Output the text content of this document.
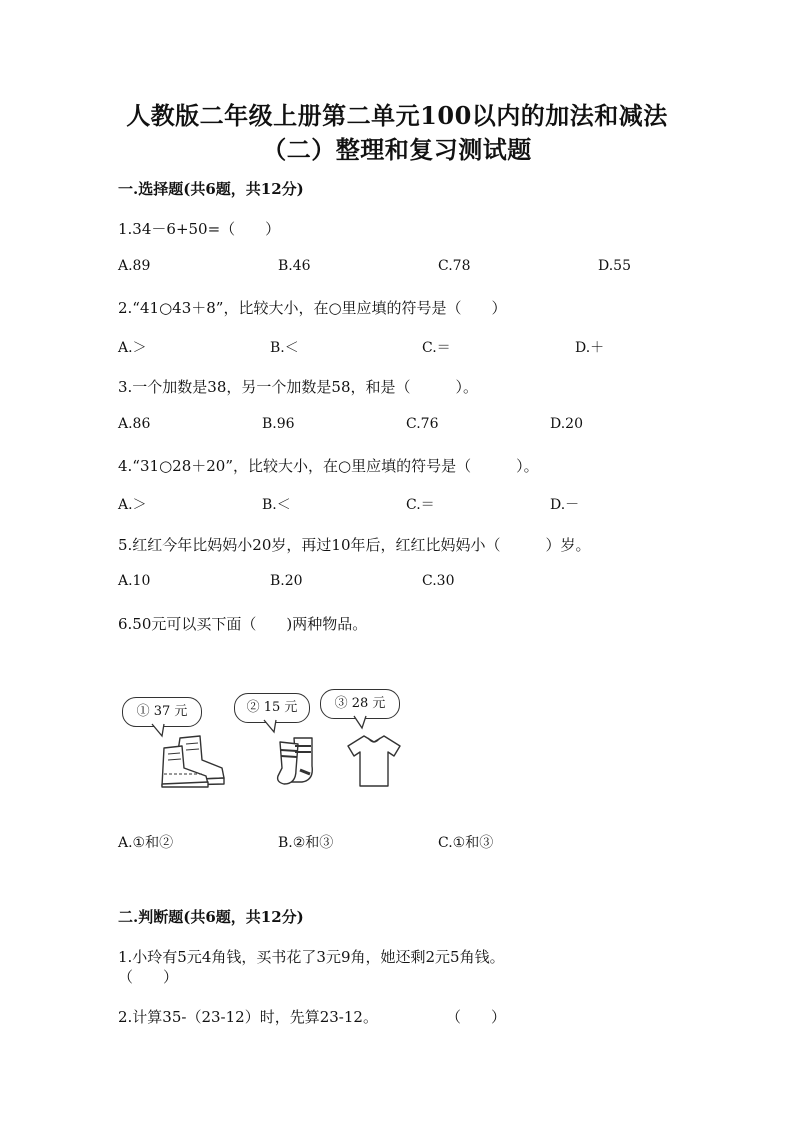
人教版二年级上册第二单元100以内的加法和减法
（二）整理和复习测试题
一.选择题(共6题，共12分)
1.34－6+50=（　　）
A.89	B.46	C.78	D.55
2.“41○43＋8”，比较大小，在○里应填的符号是（　　）
A.＞	B.＜	C.＝	D.＋
3.一个加数是38，另一个加数是58，和是（　　　）。
A.86	B.96	C.76	D.20
4.“31○28＋20”，比较大小，在○里应填的符号是（　　　）。
A.＞	B.＜	C.＝	D.－
5.红红今年比妈妈小20岁，再过10年后，红红比妈妈小（　　　）岁。
A.10	B.20	C.30
6.50元可以买下面（　　)两种物品。
① 37 元	② 15 元	③ 28 元
A.①和②	B.②和③	C.①和③
二.判断题(共6题，共12分)
1.小玲有5元4角钱，买书花了3元9角，她还剩2元5角钱。
（　　）
2.计算35-（23-12）时，先算23-12。	（　　）
